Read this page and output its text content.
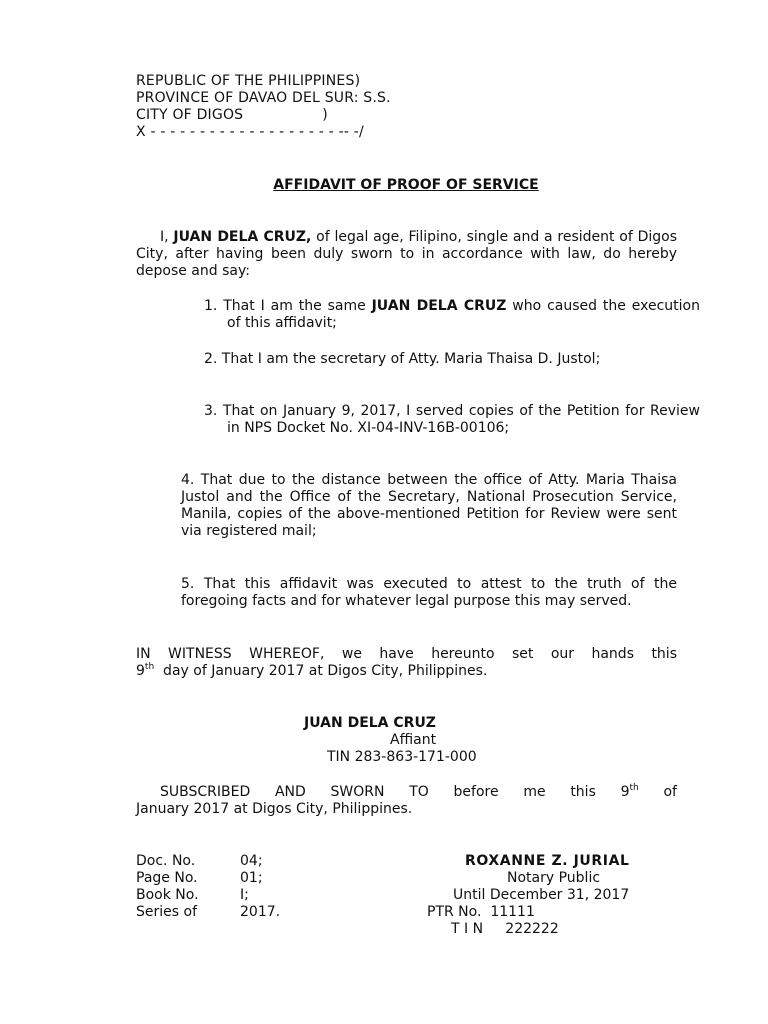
REPUBLIC OF THE PHILIPPINES)
PROVINCE OF DAVAO DEL SUR: S.S.
CITY OF DIGOS                 )
X - - - - - - - - - - - - - - - - - - - -- -/
AFFIDAVIT OF PROOF OF SERVICE
I, JUAN DELA CRUZ, of legal age, Filipino, single and a resident of Digos City, after having been duly sworn to in accordance with law, do hereby depose and say:
1. That I am the same JUAN DELA CRUZ who caused the execution of this affidavit;
2. That I am the secretary of Atty. Maria Thaisa D. Justol;
3. That on January 9, 2017, I served copies of the Petition for Review in NPS Docket No. XI-04-INV-16B-00106;
4. That due to the distance between the office of Atty. Maria Thaisa Justol and the Office of the Secretary, National Prosecution Service, Manila, copies of the above-mentioned Petition for Review were sent via registered mail;
5. That this affidavit was executed to attest to the truth of the foregoing facts and for whatever legal purpose this may served.
IN WITNESS WHEREOF, we have hereunto set our hands this
9th  day of January 2017 at Digos City, Philippines.
JUAN DELA CRUZ
Affiant
TIN 283-863-171-000
SUBSCRIBED AND SWORN TO before me this 9th of
January 2017 at Digos City, Philippines.
Doc. No.	04;
Page No.	01;
Book No.	I;
Series of	2017.
ROXANNE Z. JURIAL
Notary Public
Until December 31, 2017
PTR No.  11111
T I N     222222
